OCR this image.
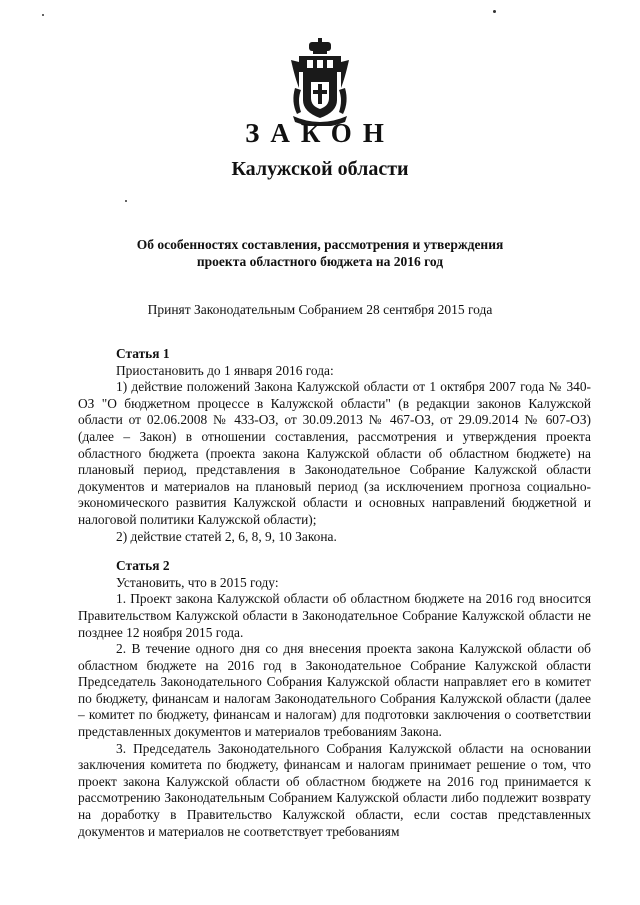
ЗАКОН
Калужской области
Об особенностях составления, рассмотрения и утверждения
проекта областного бюджета на 2016 год
Принят Законодательным Собранием 28 сентября 2015 года
Статья 1

Приостановить до 1 января 2016 года:

1) действие положений Закона Калужской области от 1 октября 2007 года № 340-ОЗ "О бюджетном процессе в Калужской области" (в редакции законов Калужской области от 02.06.2008 № 433-ОЗ, от 30.09.2013 № 467-ОЗ, от 29.09.2014 № 607-ОЗ) (далее – Закон) в отношении составления, рассмотрения и утверждения проекта областного бюджета (проекта закона Калужской области об областном бюджете) на плановый период, представления в Законодательное Собрание Калужской области документов и материалов на плановый период (за исключением прогноза социально-экономического развития Калужской области и основных направлений бюджетной и налоговой политики Калужской области);

2) действие статей 2, 6, 8, 9, 10 Закона.

Статья 2

Установить, что в 2015 году:

1. Проект закона Калужской области об областном бюджете на 2016 год вносится Правительством Калужской области в Законодательное Собрание Калужской области не позднее 12 ноября 2015 года.

2. В течение одного дня со дня внесения проекта закона Калужской области об областном бюджете на 2016 год в Законодательное Собрание Калужской области Председатель Законодательного Собрания Калужской области направляет его в комитет по бюджету, финансам и налогам Законодательного Собрания Калужской области (далее – комитет по бюджету, финансам и налогам) для подготовки заключения о соответствии представленных документов и материалов требованиям Закона.

3. Председатель Законодательного Собрания Калужской области на основании заключения комитета по бюджету, финансам и налогам принимает решение о том, что проект закона Калужской области об областном бюджете на 2016 год принимается к рассмотрению Законодательным Собранием Калужской области либо подлежит возврату на доработку в Правительство Калужской области, если состав представленных документов и материалов не соответствует требованиям
